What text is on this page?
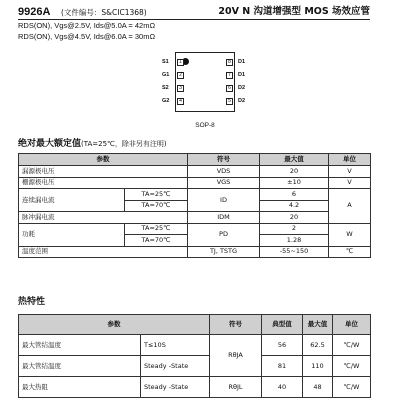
9926A (文件编号：S&CIC1368)	20V N 沟道增强型 MOS 场效应管
RDS(ON), Vgs@2.5V, Ids@5.0A = 42mΩ
RDS(ON), Vgs@4.5V, Ids@6.0A = 30mΩ
S1
G1
S2
G2
1
2
3
4
8
7
6
5
D1
D1
D2
D2
SOP-8
绝对最大额定值(TA=25℃，除非另有注明)
参数		符号	最大值	单位
漏源极电压		VDS	20	V
栅源极电压		VGS	±10	V
连续漏电流	TA=25℃	ID	6	A
	TA=70℃		4.2	
脉冲漏电流		IDM	20	
功耗	TA=25℃	PD	2	W
	TA=70℃		1.28	
温度范围		TJ, TSTG	-55~150	℃
热特性
参数		符号	典型值	最大值	单位
最大管结温度	T≤10S	RθJA	56	62.5	℃/W
最大管结温度	Steady -State		81	110	℃/W
最大热阻	Steady -State	RθJL	40	48	℃/W
